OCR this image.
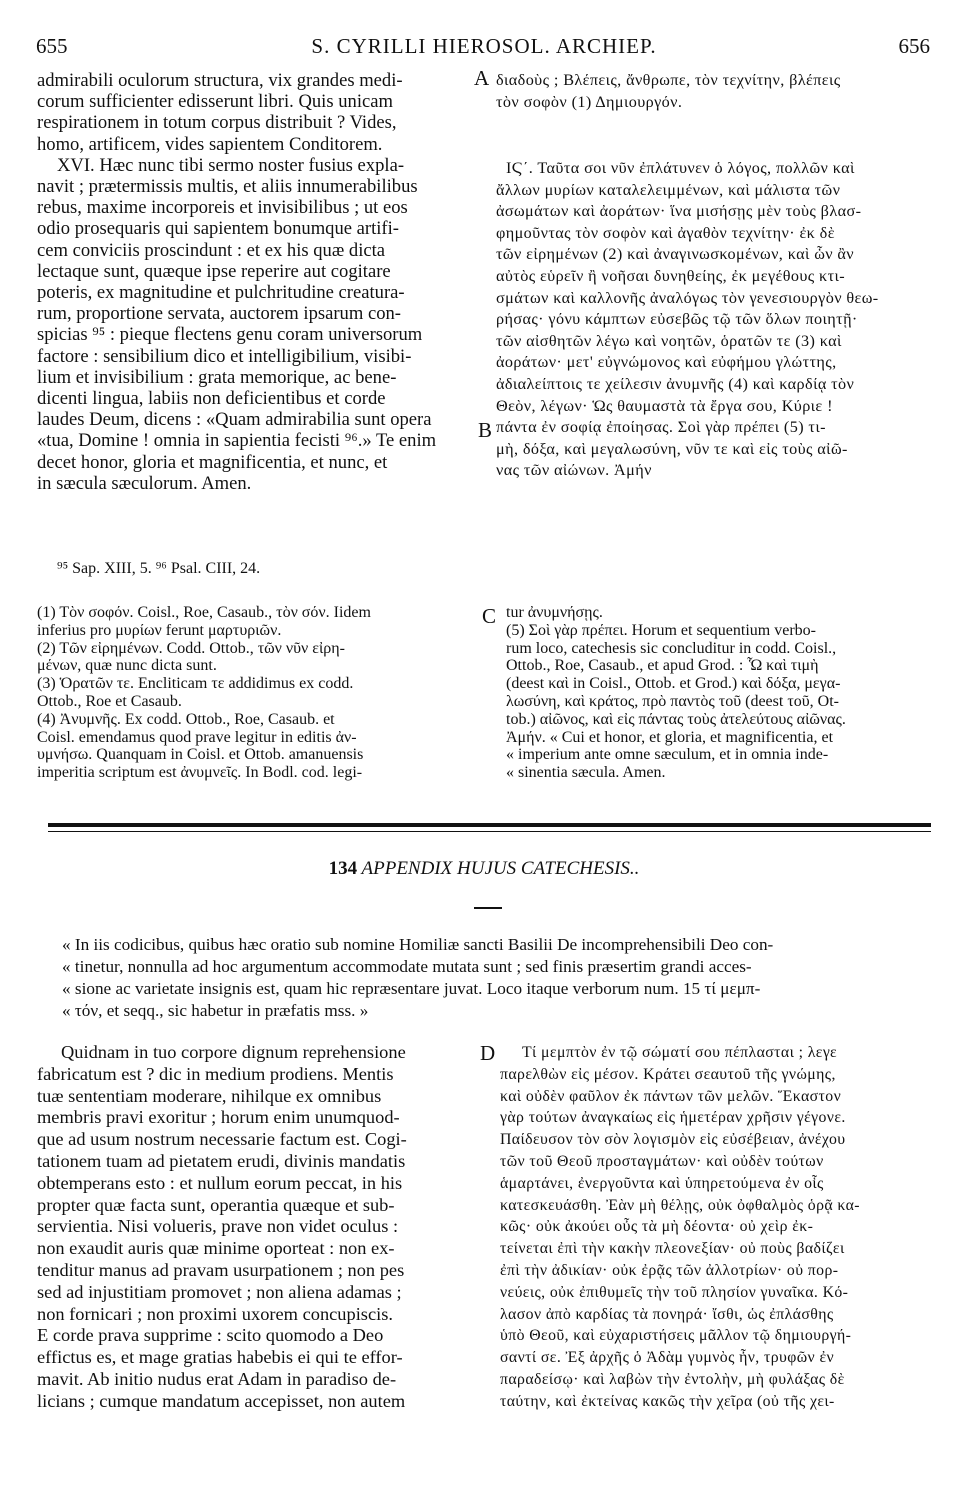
655	S. CYRILLI HIEROSOL. ARCHIEP.	656
A
B
C
D
admirabili oculorum structura, vix grandes medi-
corum sufficienter edisserunt libri. Quis unicam
respirationem in totum corpus distribuit ? Vides,
homo, artificem, vides sapientem Conditorem.
XVI. Hæc nunc tibi sermo noster fusius expla-
navit ; prætermissis multis, et aliis innumerabilibus
rebus, maxime incorporeis et invisibilibus ; ut eos
odio prosequaris qui sapientem bonumque artifi-
cem conviciis proscindunt : et ex his quæ dicta
lectaque sunt, quæque ipse reperire aut cogitare
poteris, ex magnitudine et pulchritudine creatura-
rum, proportione servata, auctorem ipsarum con-
spicias ⁹⁵ : pieque flectens genu coram universorum
factore : sensibilium dico et intelligibilium, visibi-
lium et invisibilium : grata memorique, ac bene-
dicenti lingua, labiis non deficientibus et corde
laudes Deum, dicens : «Quam admirabilia sunt opera
«tua, Domine ! omnia in sapientia fecisti ⁹⁶.» Te enim
decet honor, gloria et magnificentia, et nunc, et
in sæcula sæculorum. Amen.
διαδοὺς ; Βλέπεις, ἄνθρωπε, τὸν τεχνίτην, βλέπεις
τὸν σοφὸν (1) Δημιουργόν.
ΙϚ΄. Ταῦτα σοι νῦν ἐπλάτυνεν ὁ λόγος, πολλῶν καὶ
ἄλλων μυρίων καταλελειμμένων, καὶ μάλιστα τῶν
ἀσωμάτων καὶ ἀοράτων· ἵνα μισήσῃς μὲν τοὺς βλασ-
φημοῦντας τὸν σοφὸν καὶ ἀγαθὸν τεχνίτην· ἐκ δὲ
τῶν εἰρημένων (2) καὶ ἀναγινωσκομένων, καὶ ὧν ἂν
αὐτὸς εὑρεῖν ἢ νοῆσαι δυνηθείης, ἐκ μεγέθους κτι-
σμάτων καὶ καλλονῆς ἀναλόγως τὸν γενεσιουργὸν θεω-
ρήσας· γόνυ κάμπτων εὐσεβῶς τῷ τῶν ὅλων ποιητῇ·
τῶν αἰσθητῶν λέγω καὶ νοητῶν, ὁρατῶν τε (3) καὶ
ἀοράτων· μετ' εὐγνώμονος καὶ εὐφήμου γλώττης,
ἀδιαλείπτοις τε χείλεσιν ἀνυμνῆς (4) καὶ καρδίᾳ τὸν
Θεὸν, λέγων· Ὡς θαυμαστὰ τὰ ἔργα σου, Κύριε !
πάντα ἐν σοφίᾳ ἐποίησας. Σοὶ γὰρ πρέπει (5) τι-
μὴ, δόξα, καὶ μεγαλωσύνη, νῦν τε καὶ εἰς τοὺς αἰῶ-
νας τῶν αἰώνων. Ἀμήν
⁹⁵ Sap. XIII, 5. ⁹⁶ Psal. CIII, 24.
(1) Τὸν σοφόν. Coisl., Roe, Casaub., τὸν σόν. Iidem
inferius pro μυρίων ferunt μαρτυριῶν.
(2) Τῶν εἰρημένων. Codd. Ottob., τῶν νῦν εἰρη-
μένων, quæ nunc dicta sunt.
(3) Ὁρατῶν τε. Encliticam τε addidimus ex codd.
Ottob., Roe et Casaub.
(4) Ἀνυμνῆς. Ex codd. Ottob., Roe, Casaub. et
Coisl. emendamus quod prave legitur in editis ἀν-
υμνήσω. Quanquam in Coisl. et Ottob. amanuensis
imperitia scriptum est ἀνυμνεῖς. In Bodl. cod. legi-
tur ἀνυμνήσῃς.
(5) Σοὶ γὰρ πρέπει. Horum et sequentium verbo-
rum loco, catechesis sic concluditur in codd. Coisl.,
Ottob., Roe, Casaub., et apud Grod. : Ὧ καὶ τιμὴ
(deest καὶ in Coisl., Ottob. et Grod.) καὶ δόξα, μεγα-
λωσύνη, καὶ κράτος, πρὸ παντὸς τοῦ (deest τοῦ, Ot-
tob.) αἰῶνος, καὶ εἰς πάντας τοὺς ἀτελεύτους αἰῶνας.
Ἀμήν. « Cui et honor, et gloria, et magnificentia, et
« imperium ante omne sæculum, et in omnia inde-
« sinentia sæcula. Amen.
134 APPENDIX HUJUS CATECHESIS..
« In iis codicibus, quibus hæc oratio sub nomine Homiliæ sancti Basilii De incomprehensibili Deo con-
« tinetur, nonnulla ad hoc argumentum accommodate mutata sunt ; sed finis præsertim grandi acces-
« sione ac varietate insignis est, quam hic repræsentare juvat. Loco itaque verborum num. 15 τί μεμπ-
« τόν, et seqq., sic habetur in præfatis mss. »
Quidnam in tuo corpore dignum reprehensione
fabricatum est ? dic in medium prodiens. Mentis
tuæ sententiam moderare, nihilque ex omnibus
membris pravi exoritur ; horum enim unumquod-
que ad usum nostrum necessarie factum est. Cogi-
tationem tuam ad pietatem erudi, divinis mandatis
obtemperans esto : et nullum eorum peccat, in his
propter quæ facta sunt, operantia quæque et sub-
servientia. Nisi volueris, prave non videt oculus :
non exaudit auris quæ minime oporteat : non ex-
tenditur manus ad pravam usurpationem ; non pes
sed ad injustitiam promovet ; non aliena adamas ;
non fornicari ; non proximi uxorem concupiscis.
E corde prava supprime : scito quomodo a Deo
effictus es, et mage gratias habebis ei qui te effor-
mavit. Ab initio nudus erat Adam in paradiso de-
licians ; cumque mandatum accepisset, non autem
Τί μεμπτὸν ἐν τῷ σώματί σου πέπλασται ; λεγε
παρελθὼν εἰς μέσον. Κράτει σεαυτοῦ τῆς γνώμης,
καὶ οὐδὲν φαῦλον ἐκ πάντων τῶν μελῶν. Ἕκαστον
γὰρ τούτων ἀναγκαίως εἰς ἡμετέραν χρῆσιν γέγονε.
Παίδευσον τὸν σὸν λογισμὸν εἰς εὐσέβειαν, ἀνέχου
τῶν τοῦ Θεοῦ προσταγμάτων· καὶ οὐδὲν τούτων
ἁμαρτάνει, ἐνεργοῦντα καὶ ὑπηρετούμενα ἐν οἷς
κατεσκευάσθη. Ἐὰν μὴ θέλῃς, οὐκ ὀφθαλμὸς ὁρᾷ κα-
κῶς· οὐκ ἀκούει οὖς τὰ μὴ δέοντα· οὐ χεὶρ ἐκ-
τείνεται ἐπὶ τὴν κακὴν πλεονεξίαν· οὐ ποὺς βαδίζει
ἐπὶ τὴν ἀδικίαν· οὐκ ἐρᾷς τῶν ἀλλοτρίων· οὐ πορ-
νεύεις, οὐκ ἐπιθυμεῖς τὴν τοῦ πλησίον γυναῖκα. Κό-
λασον ἀπὸ καρδίας τὰ πονηρά· ἴσθι, ὡς ἐπλάσθης
ὑπὸ Θεοῦ, καὶ εὐχαριστήσεις μᾶλλον τῷ δημιουργή-
σαντί σε. Ἐξ ἀρχῆς ὁ Ἀδὰμ γυμνὸς ἦν, τρυφῶν ἐν
παραδείσῳ· καὶ λαβὼν τὴν ἐντολὴν, μὴ φυλάξας δὲ
ταύτην, καὶ ἐκτείνας κακῶς τὴν χεῖρα (οὐ τῆς χει-
